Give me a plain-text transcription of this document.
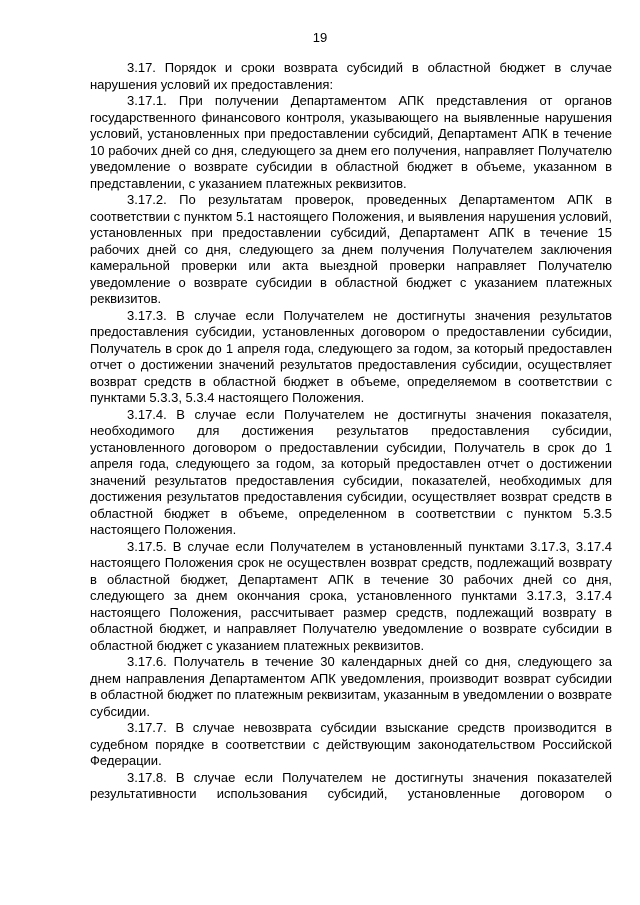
19

3.17. Порядок и сроки возврата субсидий в областной бюджет в случае нарушения условий их предоставления:

3.17.1. При получении Департаментом АПК представления от органов государственного финансового контроля, указывающего на выявленные нарушения условий, установленных при предоставлении субсидий, Департамент АПК в течение 10 рабочих дней со дня, следующего за днем его получения, направляет Получателю уведомление о возврате субсидии в областной бюджет в объеме, указанном в представлении, с указанием платежных реквизитов.

3.17.2. По результатам проверок, проведенных Департаментом АПК в соответствии с пунктом 5.1 настоящего Положения, и выявления нарушения условий, установленных при предоставлении субсидий, Департамент АПК в течение 15 рабочих дней со дня, следующего за днем получения Получателем заключения камеральной проверки или акта выездной проверки направляет Получателю уведомление о возврате субсидии в областной бюджет с указанием платежных реквизитов.

3.17.3. В случае если Получателем не достигнуты значения результатов предоставления субсидии, установленных договором о предоставлении субсидии, Получатель в срок до 1 апреля года, следующего за годом, за который предоставлен отчет о достижении значений результатов предоставления субсидии, осуществляет возврат средств в областной бюджет в объеме, определяемом в соответствии с пунктами 5.3.3, 5.3.4 настоящего Положения.

3.17.4. В случае если Получателем не достигнуты значения показателя, необходимого для достижения результатов предоставления субсидии, установленного договором о предоставлении субсидии, Получатель в срок до 1 апреля года, следующего за годом, за который предоставлен отчет о достижении значений результатов предоставления субсидии, показателей, необходимых для достижения результатов предоставления субсидии, осуществляет возврат средств в областной бюджет в объеме, определенном в соответствии с пунктом 5.3.5 настоящего Положения.

3.17.5. В случае если Получателем в установленный пунктами 3.17.3, 3.17.4 настоящего Положения срок не осуществлен возврат средств, подлежащий возврату в областной бюджет, Департамент АПК в течение 30 рабочих дней со дня, следующего за днем окончания срока, установленного пунктами 3.17.3, 3.17.4 настоящего Положения, рассчитывает размер средств, подлежащий возврату в областной бюджет, и направляет Получателю уведомление о возврате субсидии в областной бюджет с указанием платежных реквизитов.

3.17.6. Получатель в течение 30 календарных дней со дня, следующего за днем направления Департаментом АПК уведомления, производит возврат субсидии в областной бюджет по платежным реквизитам, указанным в уведомлении о возврате субсидии.

3.17.7. В случае невозврата субсидии взыскание средств производится в судебном порядке в соответствии с действующим законодательством Российской Федерации.

3.17.8. В случае если Получателем не достигнуты значения показателей результативности использования субсидий, установленные договором о
